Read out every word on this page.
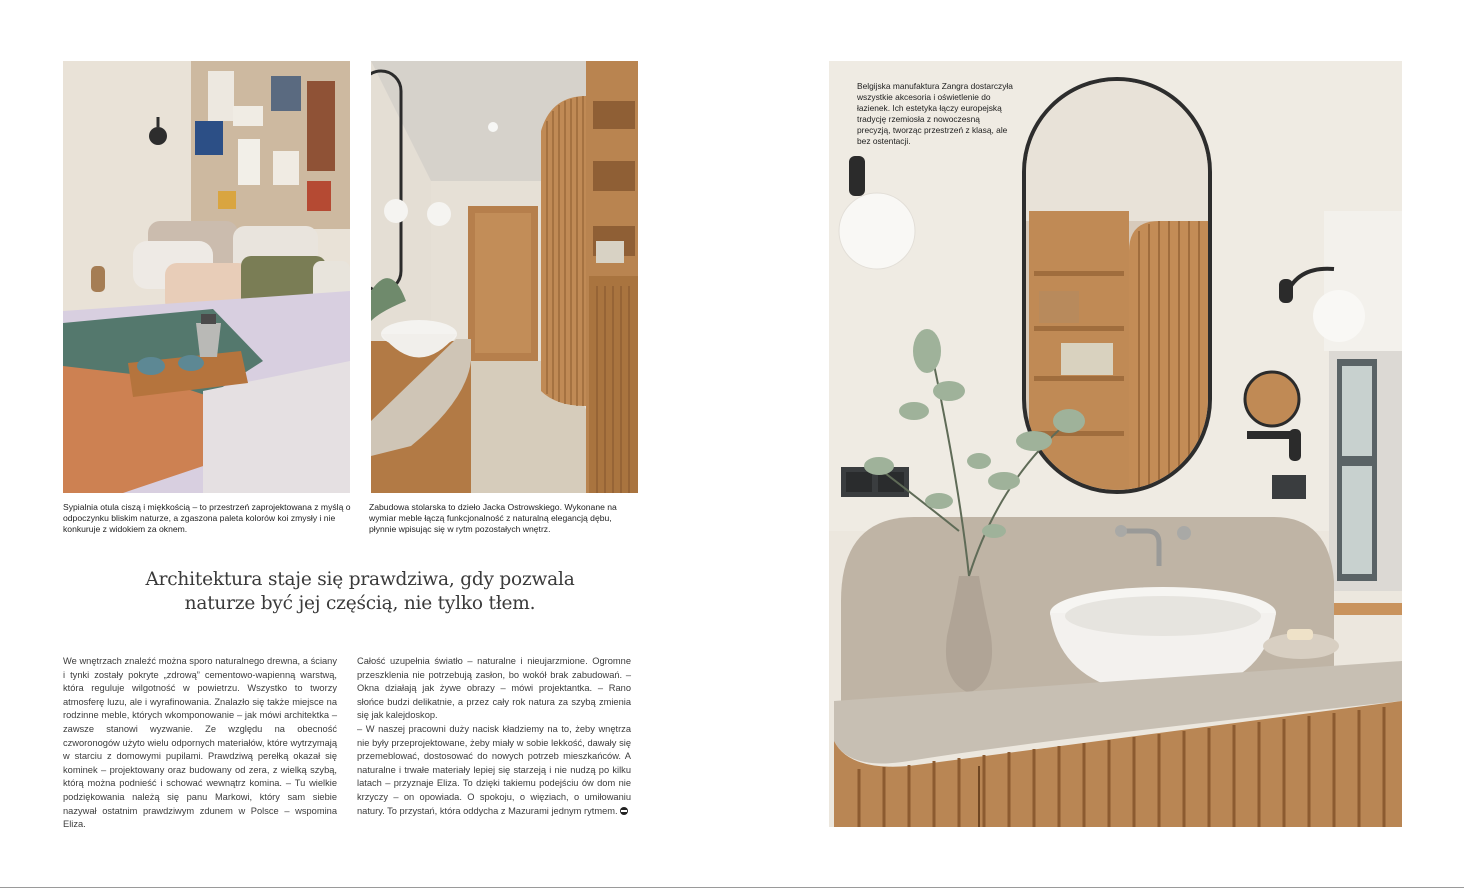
Sypialnia otula ciszą i miękkością – to przestrzeń zaprojektowana z myślą o odpoczynku bliskim naturze, a zgaszona paleta kolorów koi zmysły i nie konkuruje z widokiem za oknem.
Zabudowa stolarska to dzieło Jacka Ostrowskiego. Wykonane na wymiar meble łączą funkcjonalność z naturalną elegancją dębu, płynnie wpisując się w rytm pozostałych wnętrz.
Architektura staje się prawdziwa, gdy pozwala naturze być jej częścią, nie tylko tłem.

We wnętrzach znaleźć można sporo naturalnego drewna, a ściany i tynki zostały pokryte „zdrową” cementowo-wapienną warstwą, która reguluje wilgotność w powietrzu. Wszystko to tworzy atmosferę luzu, ale i wyrafinowania. Znalazło się także miejsce na rodzinne meble, których wkomponowanie – jak mówi architektka – zawsze stanowi wyzwanie. Ze względu na obecność czworonogów użyto wielu odpornych materiałów, które wytrzymają w starciu z domowymi pupilami. Prawdziwą perełką okazał się kominek – projektowany oraz budowany od zera, z wielką szybą, którą można podnieść i schować wewnątrz komina. – Tu wielkie podziękowania należą się panu Markowi, który sam siebie nazywał ostatnim prawdziwym zdunem w Polsce – wspomina Eliza.

Całość uzupełnia światło – naturalne i nieujarzmione. Ogromne przeszklenia nie potrzebują zasłon, bo wokół brak zabudowań. – Okna działają jak żywe obrazy – mówi projektantka. – Rano słońce budzi delikatnie, a przez cały rok natura za szybą zmienia się jak kalejdoskop.

– W naszej pracowni duży nacisk kładziemy na to, żeby wnętrza nie były przeprojektowane, żeby miały w sobie lekkość, dawały się przemeblować, dostosować do nowych potrzeb mieszkańców. A naturalne i trwałe materiały lepiej się starzeją i nie nudzą po kilku latach – przyznaje Eliza. To dzięki takiemu podejściu ów dom nie krzyczy – on opowiada. O spokoju, o więziach, o umiłowaniu natury. To przystań, która oddycha z Mazurami jednym rytmem.

Belgijska manufaktura Zangra dostarczyła wszystkie akcesoria i oświetlenie do łazienek. Ich estetyka łączy europejską tradycję rzemiosła z nowoczesną precyzją, tworząc przestrzeń z klasą, ale bez ostentacji.
